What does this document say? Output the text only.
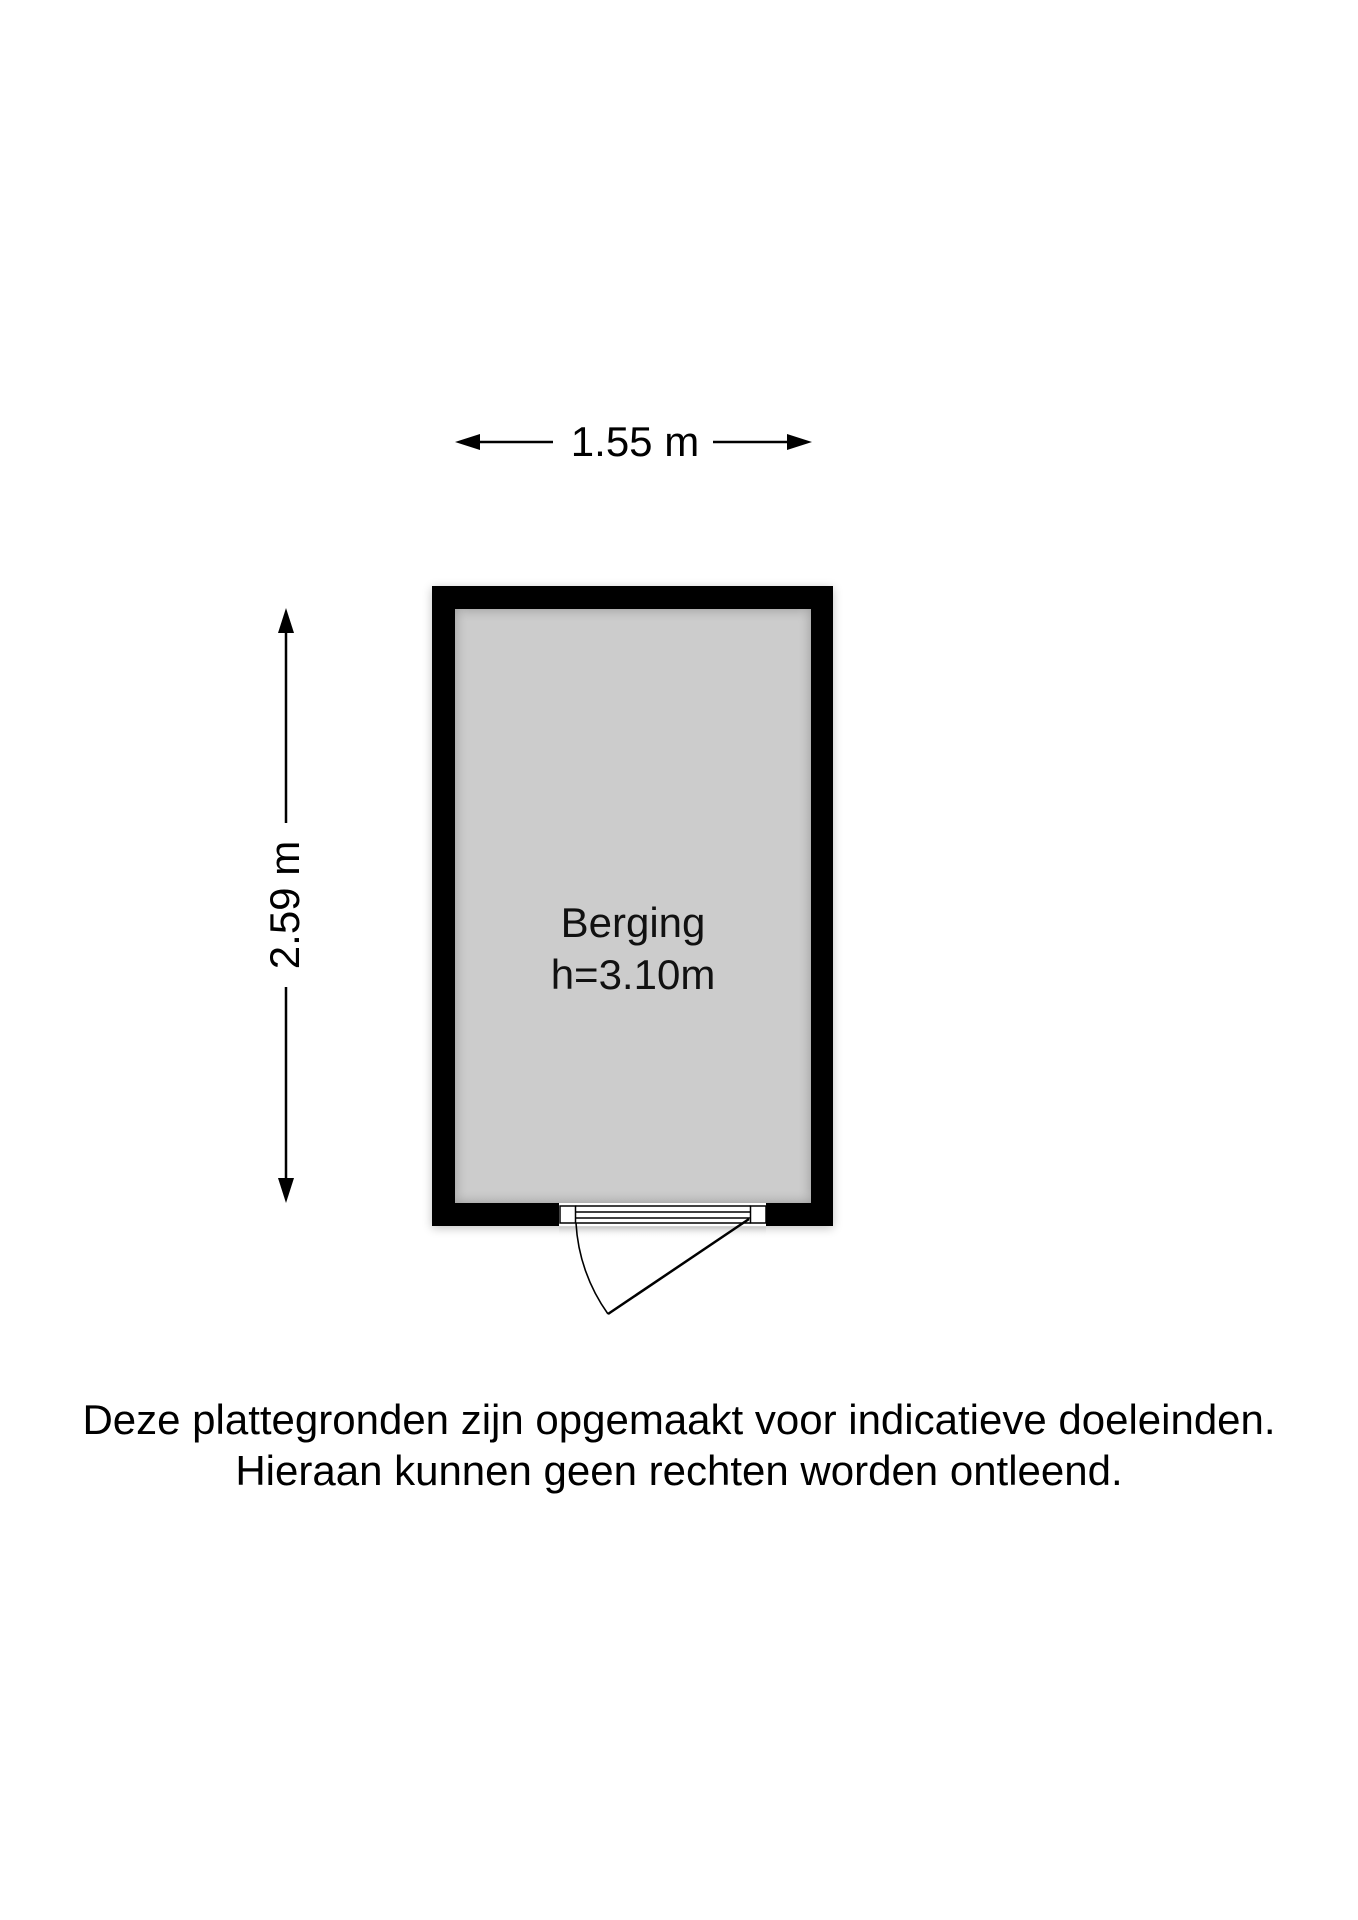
1.55 m
2.59 m	Berging
h=3.10m
Deze plattegronden zijn opgemaakt voor indicatieve doeleinden.
Hieraan kunnen geen rechten worden ontleend.
